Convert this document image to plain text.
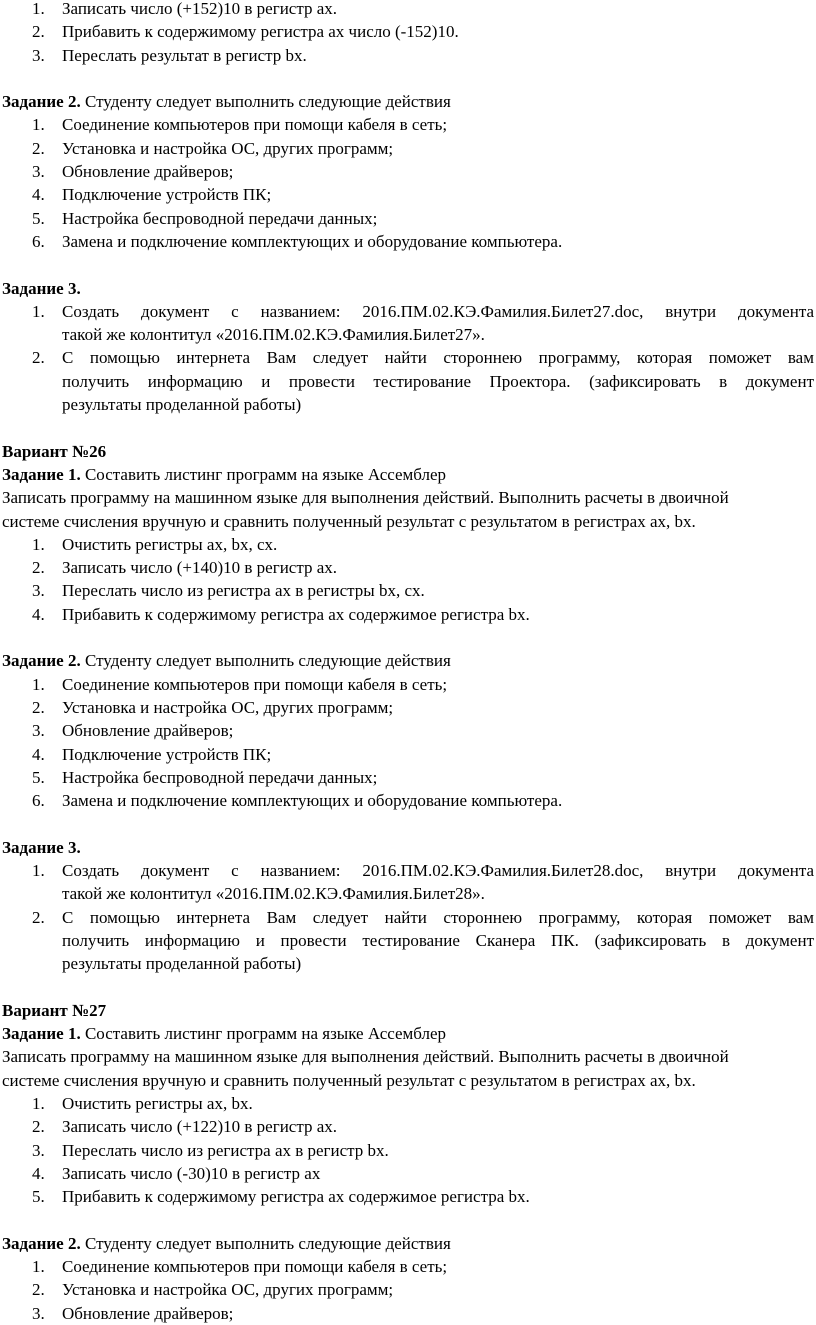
1. Записать число (+152)10 в регистр ах.
2. Прибавить к содержимому регистра ах число (-152)10.
3. Переслать результат в регистр bх.
Задание 2. Студенту следует выполнить следующие действия
1. Соединение компьютеров при помощи кабеля в сеть;
2. Установка и настройка ОС, других программ;
3. Обновление драйверов;
4. Подключение устройств ПК;
5. Настройка беспроводной передачи данных;
6. Замена и подключение комплектующих и оборудование компьютера.
Задание 3.
1. Создать документ с названием: 2016.ПМ.02.КЭ.Фамилия.Билет27.doc, внутри документа
такой же колонтитул «2016.ПМ.02.КЭ.Фамилия.Билет27».
2. С помощью интернета Вам следует найти стороннею программу, которая поможет вам
получить информацию и провести тестирование Проектора. (зафиксировать в документ
результаты проделанной работы)
Вариант №26
Задание 1. Составить листинг программ на языке Ассемблер
Записать программу на машинном языке для выполнения действий. Выполнить расчеты в двоичной
системе счисления вручную и сравнить полученный результат с результатом в регистрах ах, bх.
1. Очистить регистры ах, bх, cх.
2. Записать число (+140)10 в регистр ах.
3. Переслать число из регистра ах в регистры bх, cх.
4. Прибавить к содержимому регистра ах содержимое регистра bх.
Задание 2. Студенту следует выполнить следующие действия
1. Соединение компьютеров при помощи кабеля в сеть;
2. Установка и настройка ОС, других программ;
3. Обновление драйверов;
4. Подключение устройств ПК;
5. Настройка беспроводной передачи данных;
6. Замена и подключение комплектующих и оборудование компьютера.
Задание 3.
1. Создать документ с названием: 2016.ПМ.02.КЭ.Фамилия.Билет28.doc, внутри документа
такой же колонтитул «2016.ПМ.02.КЭ.Фамилия.Билет28».
2. С помощью интернета Вам следует найти стороннею программу, которая поможет вам
получить информацию и провести тестирование Сканера ПК. (зафиксировать в документ
результаты проделанной работы)
Вариант №27
Задание 1. Составить листинг программ на языке Ассемблер
Записать программу на машинном языке для выполнения действий. Выполнить расчеты в двоичной
системе счисления вручную и сравнить полученный результат с результатом в регистрах ах, bх.
1. Очистить регистры ах, bх.
2. Записать число (+122)10 в регистр ах.
3. Переслать число из регистра ах в регистр bх.
4. Записать число (-30)10 в регистр ах
5. Прибавить к содержимому регистра ах содержимое регистра bх.
Задание 2. Студенту следует выполнить следующие действия
1. Соединение компьютеров при помощи кабеля в сеть;
2. Установка и настройка ОС, других программ;
3. Обновление драйверов;
